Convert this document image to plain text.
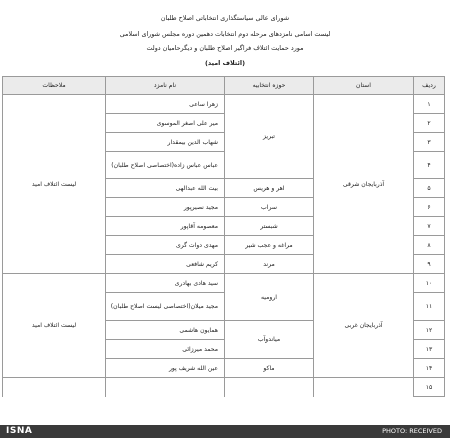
شورای عالی سیاستگذاری انتخاباتی اصلاح طلبان
لیست اسامی نامزدهای مرحله دوم انتخابات دهمین دوره مجلس شورای اسلامی
مورد حمایت ائتلاف فراگیر اصلاح طلبان و دیگرحامیان دولت
(ائتلاف امید)
ردیف	استان	حوزه انتخابیه	نام نامزد	ملاحظات
۱	آذربایجان شرقی	تبریز	زهرا ساعی	لیست ائتلاف امید
۲			میر علی اصغر الموسوی	
۳			شهاب الدین بیمقدار	
۴			عباس عباس زاده(اختصاصی اصلاح طلبان)	
۵		اهر و هریس	بیت الله عبدالهی	
۶		سراب	مجید نصیرپور	
۷		شبستر	معصومه آقاپور	
۸		مراغه و عجب شیر	مهدی دوات گری	
۹		مرند	کریم شافعی	
۱۰	آذربایجان غربی	ارومیه	سید هادی بهادری	لیست ائتلاف امید
۱۱			مجید میلان(اختصاصی لیست اصلاح طلبان)	
۱۲		میاندوآب	همایون هاشمی	
۱۳			محمد میرزائی	
۱۴		ماکو	عین الله شریف پور	
۱۵				
ISNA	PHOTO: RECEIVED
